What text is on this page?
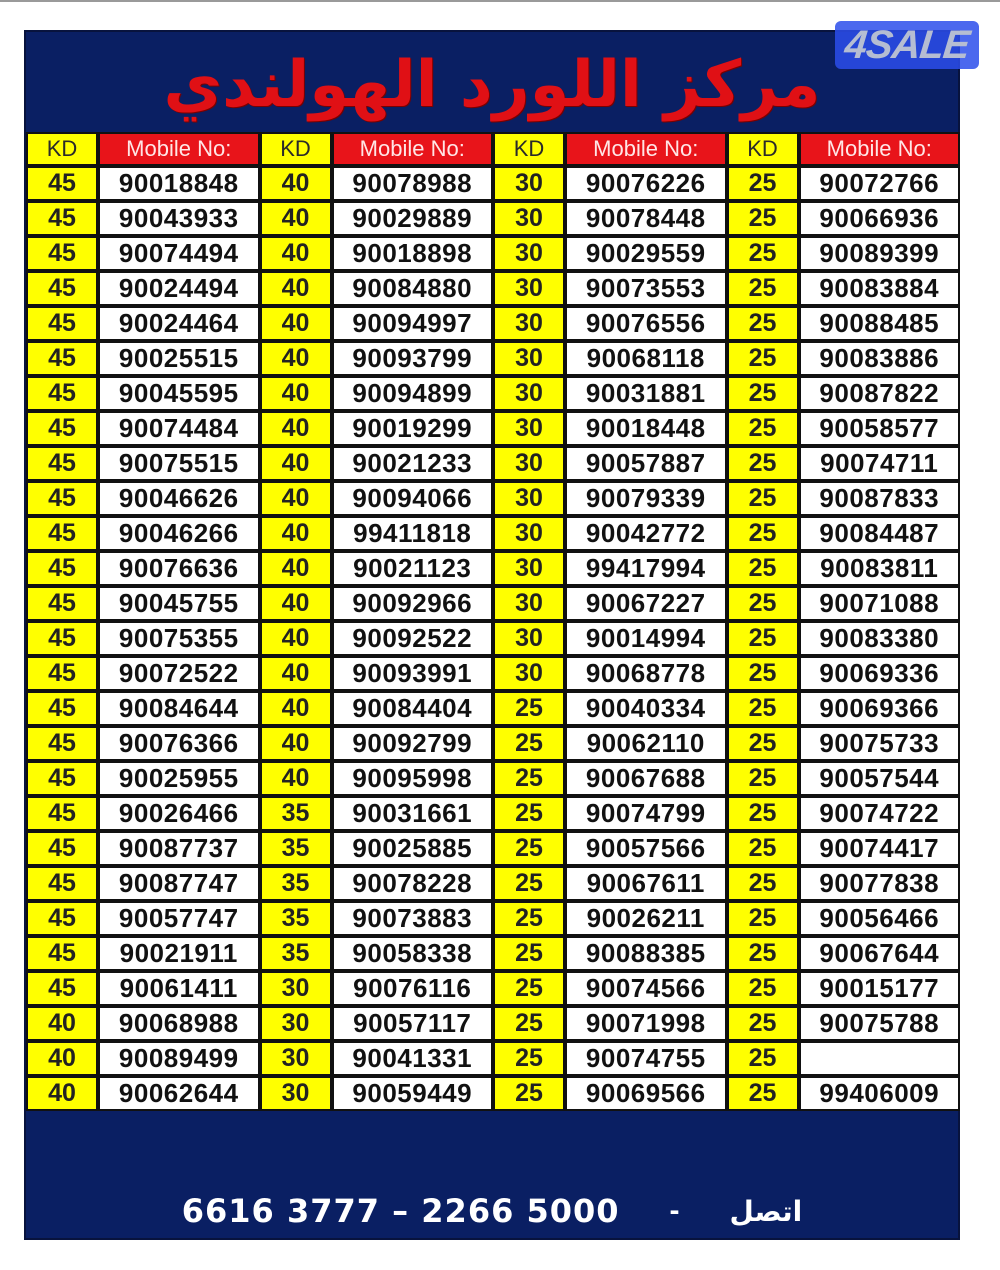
مركز اللورد الهولندي
KD	Mobile No:	KD	Mobile No:	KD	Mobile No:	KD	Mobile No:
45	90018848	40	90078988	30	90076226	25	90072766
45	90043933	40	90029889	30	90078448	25	90066936
45	90074494	40	90018898	30	90029559	25	90089399
45	90024494	40	90084880	30	90073553	25	90083884
45	90024464	40	90094997	30	90076556	25	90088485
45	90025515	40	90093799	30	90068118	25	90083886
45	90045595	40	90094899	30	90031881	25	90087822
45	90074484	40	90019299	30	90018448	25	90058577
45	90075515	40	90021233	30	90057887	25	90074711
45	90046626	40	90094066	30	90079339	25	90087833
45	90046266	40	99411818	30	90042772	25	90084487
45	90076636	40	90021123	30	99417994	25	90083811
45	90045755	40	90092966	30	90067227	25	90071088
45	90075355	40	90092522	30	90014994	25	90083380
45	90072522	40	90093991	30	90068778	25	90069336
45	90084644	40	90084404	25	90040334	25	90069366
45	90076366	40	90092799	25	90062110	25	90075733
45	90025955	40	90095998	25	90067688	25	90057544
45	90026466	35	90031661	25	90074799	25	90074722
45	90087737	35	90025885	25	90057566	25	90074417
45	90087747	35	90078228	25	90067611	25	90077838
45	90057747	35	90073883	25	90026211	25	90056466
45	90021911	35	90058338	25	90088385	25	90067644
45	90061411	30	90076116	25	90074566	25	90015177
40	90068988	30	90057117	25	90071998	25	90075788
40	90089499	30	90041331	25	90074755	25	
40	90062644	30	90059449	25	90069566	25	99406009
6616 3777 – 2266 5000 - اتصل
4SALE
